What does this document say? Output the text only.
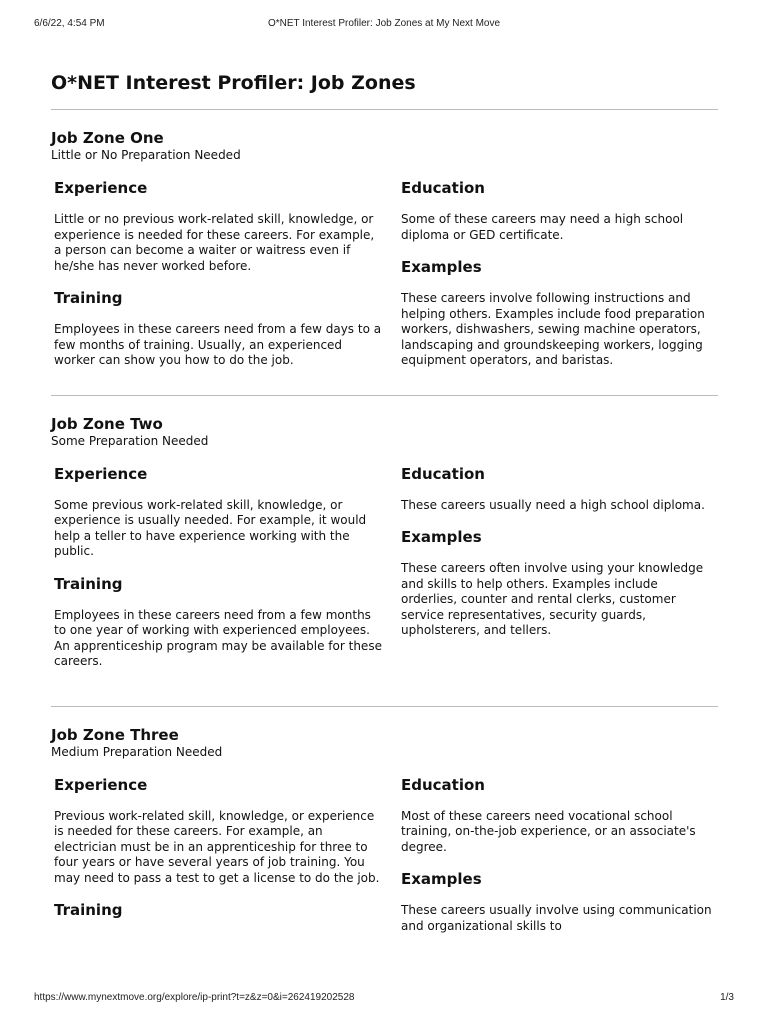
6/6/22, 4:54 PM	O*NET Interest Profiler: Job Zones at My Next Move
O*NET Interest Profiler: Job Zones
Job Zone One
Little or No Preparation Needed
Experience

Little or no previous work-related skill, knowledge, or experience is needed for these careers. For example, a person can become a waiter or waitress even if he/she has never worked before.

Training

Employees in these careers need from a few days to a few months of training. Usually, an experienced worker can show you how to do the job.

Education

Some of these careers may need a high school diploma or GED certificate.

Examples

These careers involve following instructions and helping others. Examples include food preparation workers, dishwashers, sewing machine operators, landscaping and groundskeeping workers, logging equipment operators, and baristas.

Job Zone Two
Some Preparation Needed
Experience

Some previous work-related skill, knowledge, or experience is usually needed. For example, it would help a teller to have experience working with the public.

Training

Employees in these careers need from a few months to one year of working with experienced employees. An apprenticeship program may be available for these careers.

Education

These careers usually need a high school diploma.

Examples

These careers often involve using your knowledge and skills to help others. Examples include orderlies, counter and rental clerks, customer service representatives, security guards, upholsterers, and tellers.

Job Zone Three
Medium Preparation Needed
Experience

Previous work-related skill, knowledge, or experience is needed for these careers. For example, an electrician must be in an apprenticeship for three to four years or have several years of job training. You may need to pass a test to get a license to do the job.

Training
Education

Most of these careers need vocational school training, on-the-job experience, or an associate's degree.

Examples

These careers usually involve using communication and organizational skills to

https://www.mynextmove.org/explore/ip-print?t=z&z=0&i=262419202528	1/3
